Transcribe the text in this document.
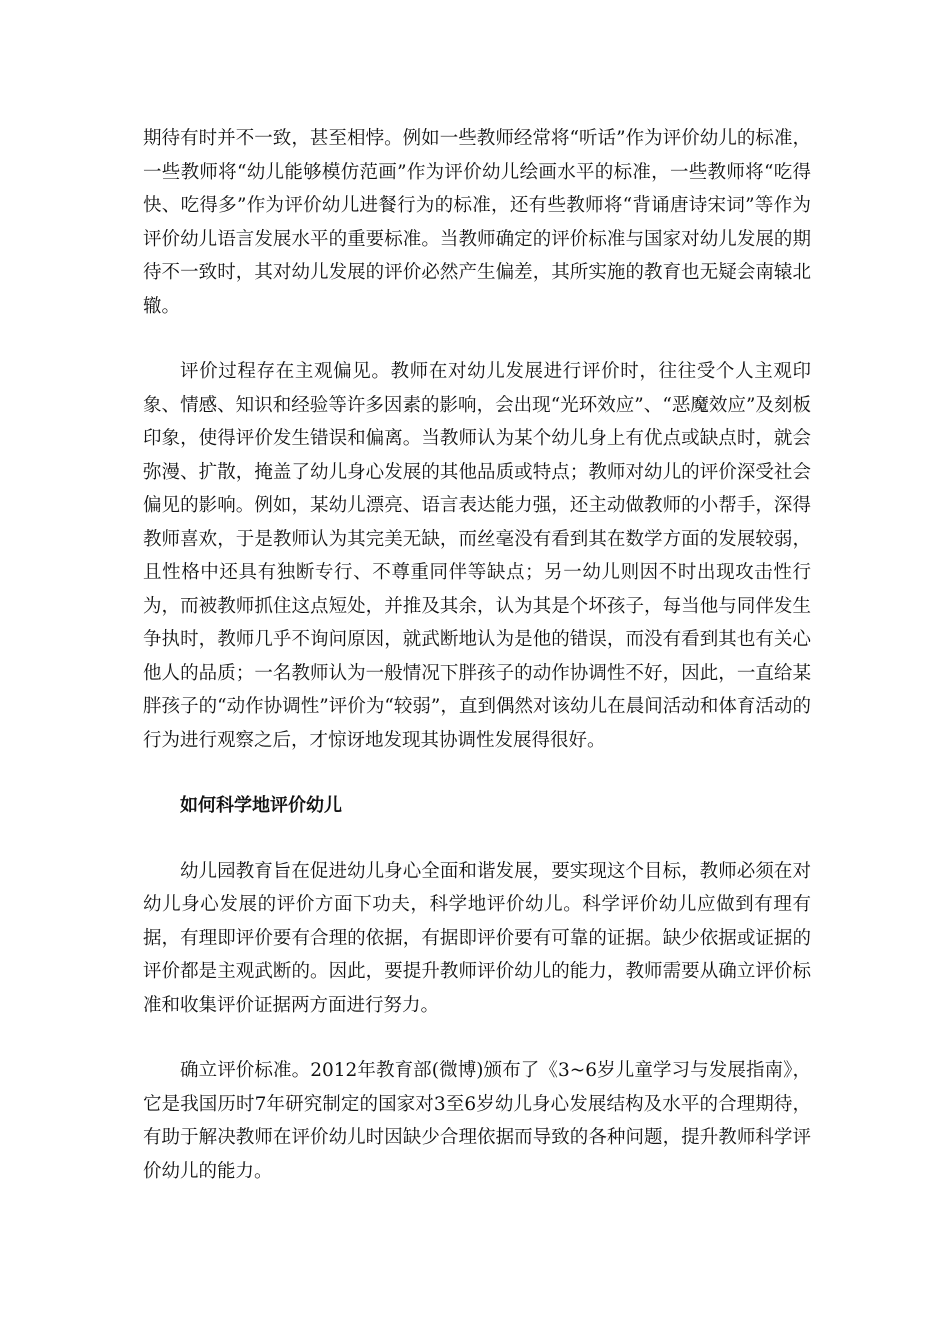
期待有时并不一致，甚至相悖。例如一些教师经常将“听话”作为评价幼儿的标准，一些教师将“幼儿能够模仿范画”作为评价幼儿绘画水平的标准，一些教师将“吃得快、吃得多”作为评价幼儿进餐行为的标准，还有些教师将“背诵唐诗宋词”等作为评价幼儿语言发展水平的重要标准。当教师确定的评价标准与国家对幼儿发展的期待不一致时，其对幼儿发展的评价必然产生偏差，其所实施的教育也无疑会南辕北辙。

评价过程存在主观偏见。教师在对幼儿发展进行评价时，往往受个人主观印象、情感、知识和经验等许多因素的影响，会出现“光环效应”、“恶魔效应”及刻板印象，使得评价发生错误和偏离。当教师认为某个幼儿身上有优点或缺点时，就会弥漫、扩散，掩盖了幼儿身心发展的其他品质或特点；教师对幼儿的评价深受社会偏见的影响。例如，某幼儿漂亮、语言表达能力强，还主动做教师的小帮手，深得教师喜欢，于是教师认为其完美无缺，而丝毫没有看到其在数学方面的发展较弱，且性格中还具有独断专行、不尊重同伴等缺点；另一幼儿则因不时出现攻击性行为，而被教师抓住这点短处，并推及其余，认为其是个坏孩子，每当他与同伴发生争执时，教师几乎不询问原因，就武断地认为是他的错误，而没有看到其也有关心他人的品质；一名教师认为一般情况下胖孩子的动作协调性不好，因此，一直给某胖孩子的“动作协调性”评价为“较弱”，直到偶然对该幼儿在晨间活动和体育活动的行为进行观察之后，才惊讶地发现其协调性发展得很好。

如何科学地评价幼儿

幼儿园教育旨在促进幼儿身心全面和谐发展，要实现这个目标，教师必须在对幼儿身心发展的评价方面下功夫，科学地评价幼儿。科学评价幼儿应做到有理有据，有理即评价要有合理的依据，有据即评价要有可靠的证据。缺少依据或证据的评价都是主观武断的。因此，要提升教师评价幼儿的能力，教师需要从确立评价标准和收集评价证据两方面进行努力。

确立评价标准。2012年教育部(微博)颁布了《3~6岁儿童学习与发展指南》，它是我国历时7年研究制定的国家对3至6岁幼儿身心发展结构及水平的合理期待，有助于解决教师在评价幼儿时因缺少合理依据而导致的各种问题，提升教师科学评价幼儿的能力。
